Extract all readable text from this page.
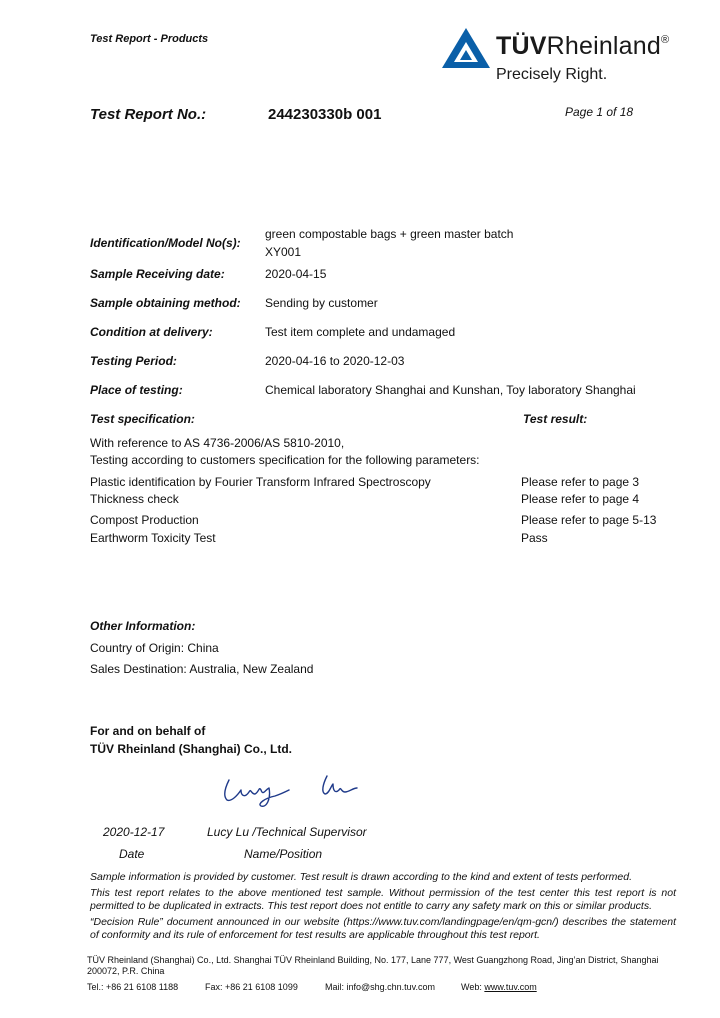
Test Report - Products	TÜVRheinland®
Precisely Right.
Test Report No.:	244230330b 001	Page 1 of 18
Identification/Model No(s):
green compostable bags + green master batch
XY001
Sample Receiving date:	2020-04-15
Sample obtaining method: Sending by customer
Condition at delivery:	Test item complete and undamaged
Testing Period:	2020-04-16 to 2020-12-03
Place of testing:	Chemical laboratory Shanghai and Kunshan, Toy laboratory Shanghai
Test specification:	Test result:
With reference to AS 4736-2006/AS 5810-2010,
Testing according to customers specification for the following parameters:
Plastic identification by Fourier Transform Infrared Spectroscopy	Please refer to page 3
Thickness check	Please refer to page 4
Compost Production	Please refer to page 5-13
Earthworm Toxicity Test	Pass
Other Information:
Country of Origin: China
Sales Destination: Australia, New Zealand
For and on behalf of
TÜV Rheinland (Shanghai) Co., Ltd.
2020-12-17	Lucy Lu /Technical Supervisor
Date	Name/Position
Sample information is provided by customer. Test result is drawn according to the kind and extent of tests performed.
This test report relates to the above mentioned test sample. Without permission of the test center this test report is not permitted to be duplicated in extracts. This test report does not entitle to carry any safety mark on this or similar products.
“Decision Rule” document announced in our website (https://www.tuv.com/landingpage/en/qm-gcn/) describes the statement of conformity and its rule of enforcement for test results are applicable throughout this test report.
TÜV Rheinland (Shanghai) Co., Ltd. Shanghai TÜV Rheinland Building, No. 177, Lane 777, West Guangzhong Road, Jing’an District, Shanghai 200072, P.R. China
Tel.: +86 21 6108 1188	Fax: +86 21 6108 1099	Mail: info@shg.chn.tuv.com	Web: www.tuv.com
